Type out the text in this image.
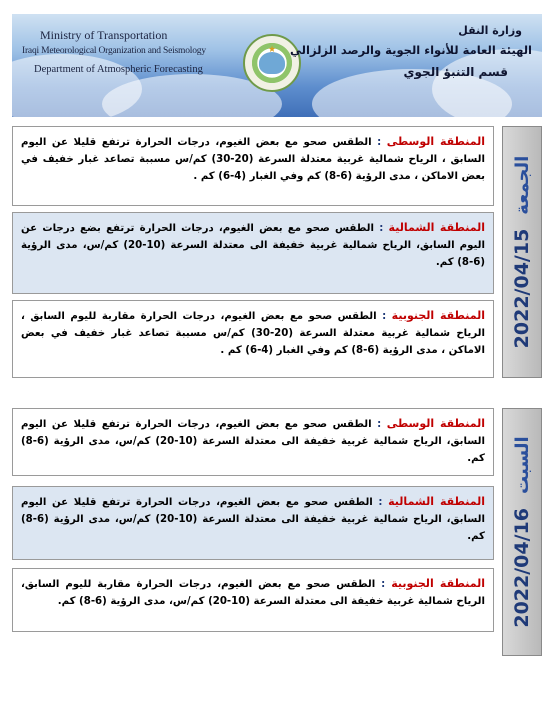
Ministry of Transportation
Iraqi Meteorological Organization and Seismology
Department of Atmospheric Forecasting
★
وزارة النقل
الهيئة العامة للأنواء الجوية والرصد الزلزالي
قسم التنبؤ الجوي
المنطقة الوسطى : الطقس صحو مع بعض الغيوم، درجات الحرارة ترتفع قليلا عن اليوم السابق ، الرياح شمالية غربية معتدلة السرعة (20-30) كم/س مسببة تصاعد غبار خفيف في بعض الاماكن ، مدى الرؤية (6-8) كم وفي الغبار (4-6) كم .
المنطقة الشمالية : الطقس صحو مع بعض الغيوم، درجات الحرارة ترتفع بضع درجات عن اليوم السابق، الرياح شمالية غربية خفيفة الى معتدلة السرعة (10-20) كم/س، مدى الرؤية (6-8) كم.
المنطقة الجنوبية : الطقس صحو مع بعض الغيوم، درجات الحرارة مقاربة لليوم السابق ، الرياح شمالية غربية معتدلة السرعة (20-30) كم/س مسببة تصاعد غبار خفيف في بعض الاماكن ، مدى الرؤية (6-8) كم وفي الغبار (4-6) كم .
2022/04/15الجمعة
المنطقة الوسطى : الطقس صحو مع بعض الغيوم، درجات الحرارة ترتفع قليلا عن اليوم السابق، الرياح شمالية غربية خفيفة الى معتدلة السرعة (10-20) كم/س، مدى الرؤية (6-8) كم.
المنطقة الشمالية : الطقس صحو مع بعض الغيوم، درجات الحرارة ترتفع قليلا عن اليوم السابق، الرياح شمالية غربية خفيفة الى معتدلة السرعة (10-20) كم/س، مدى الرؤية (6-8) كم.
المنطقة الجنوبية : الطقس صحو مع بعض الغيوم، درجات الحرارة مقاربة لليوم السابق، الرياح شمالية غربية خفيفة الى معتدلة السرعة (10-20) كم/س، مدى الرؤية (6-8) كم.	2022/04/16السبت
